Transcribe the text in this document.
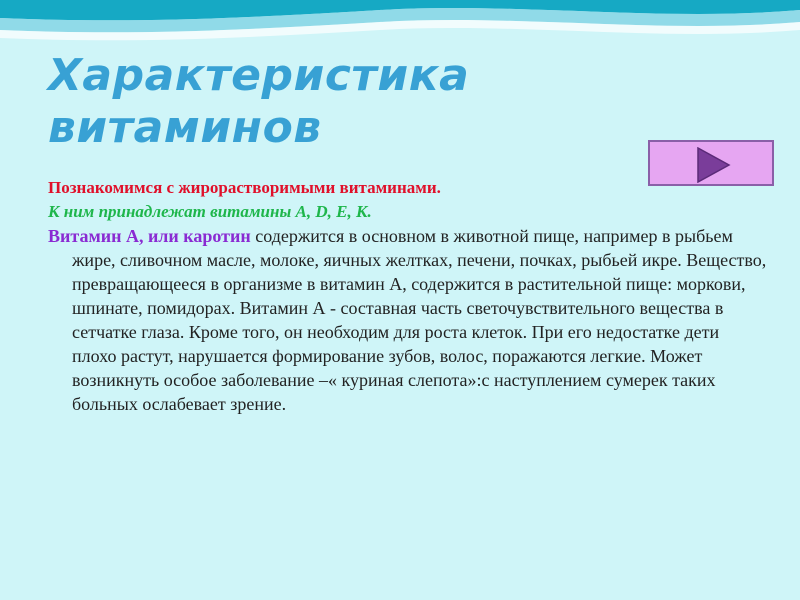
Характеристика
витаминов

Познакомимся с жирорастворимыми витаминами.

К ним принадлежат витамины А, D, Е, К.

Витамин А, или каротин содержится в основном в животной пище, например в рыбьем жире, сливочном масле, молоке, яичных желтках, печени, почках, рыбьей икре. Вещество, превращающееся в организме в витамин А, содержится в растительной пище: моркови, шпинате, помидорах. Витамин А - составная часть светочувствительного вещества в сетчатке глаза. Кроме того, он необходим для роста клеток. При его недостатке дети плохо растут, нарушается формирование зубов, волос, поражаются легкие. Может возникнуть особое заболевание –« куриная слепота»:с наступлением сумерек таких больных ослабевает зрение.
